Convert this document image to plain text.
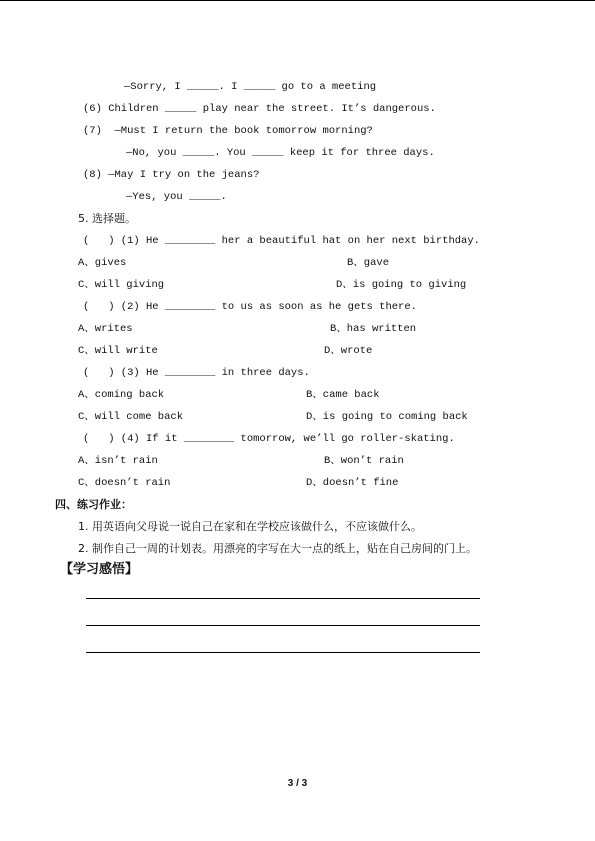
—Sorry, I _____. I _____ go to a meeting
(6) Children _____ play near the street. It’s dangerous.
(7)  —Must I return the book tomorrow morning?
—No, you _____. You _____ keep it for three days.
(8) —May I try on the jeans?
—Yes, you _____.
5. 选择题。
(   ) (1) He ________ her a beautiful hat on her next birthday.
A、gives	B、gave
C、will giving	D、is going to giving
(   ) (2) He ________ to us as soon as he gets there.
A、writes	B、has written
C、will write	D、wrote
(   ) (3) He ________ in three days.
A、coming back	B、came back
C、will come back	D、is going to coming back
(   ) (4) If it ________ tomorrow, we’ll go roller-skating.
A、isn’t rain	B、won’t rain
C、doesn’t rain	D、doesn’t fine
四、练习作业：
1. 用英语向父母说一说自己在家和在学校应该做什么，不应该做什么。
2. 制作自己一周的计划表。用漂亮的字写在大一点的纸上，贴在自己房间的门上。
【学习感悟】
3 / 3
